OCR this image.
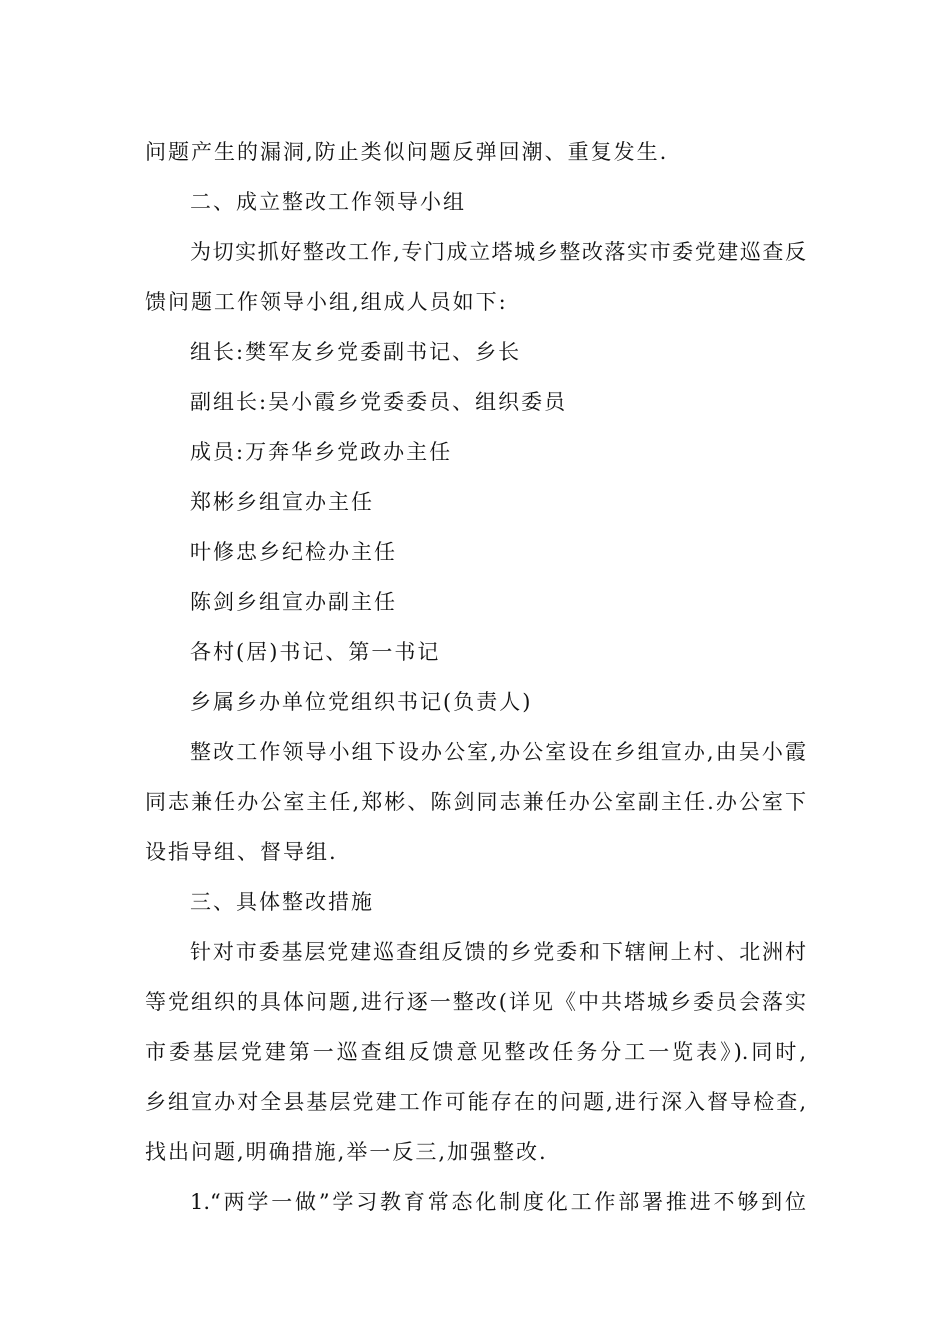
问题产生的漏洞,防止类似问题反弹回潮、重复发生.
二、成立整改工作领导小组
为切实抓好整改工作,专门成立塔城乡整改落实市委党建巡查反
馈问题工作领导小组,组成人员如下:
组长:樊军友乡党委副书记、乡长
副组长:吴小霞乡党委委员、组织委员
成员:万奔华乡党政办主任
郑彬乡组宣办主任
叶修忠乡纪检办主任
陈剑乡组宣办副主任
各村(居)书记、第一书记
乡属乡办单位党组织书记(负责人)
整改工作领导小组下设办公室,办公室设在乡组宣办,由吴小霞
同志兼任办公室主任,郑彬、陈剑同志兼任办公室副主任.办公室下
设指导组、督导组.
三、具体整改措施
针对市委基层党建巡查组反馈的乡党委和下辖闸上村、北洲村
等党组织的具体问题,进行逐一整改(详见《中共塔城乡委员会落实
市委基层党建第一巡查组反馈意见整改任务分工一览表》).同时,
乡组宣办对全县基层党建工作可能存在的问题,进行深入督导检查,
找出问题,明确措施,举一反三,加强整改.
1.“两学一做”学习教育常态化制度化工作部署推进不够到位
